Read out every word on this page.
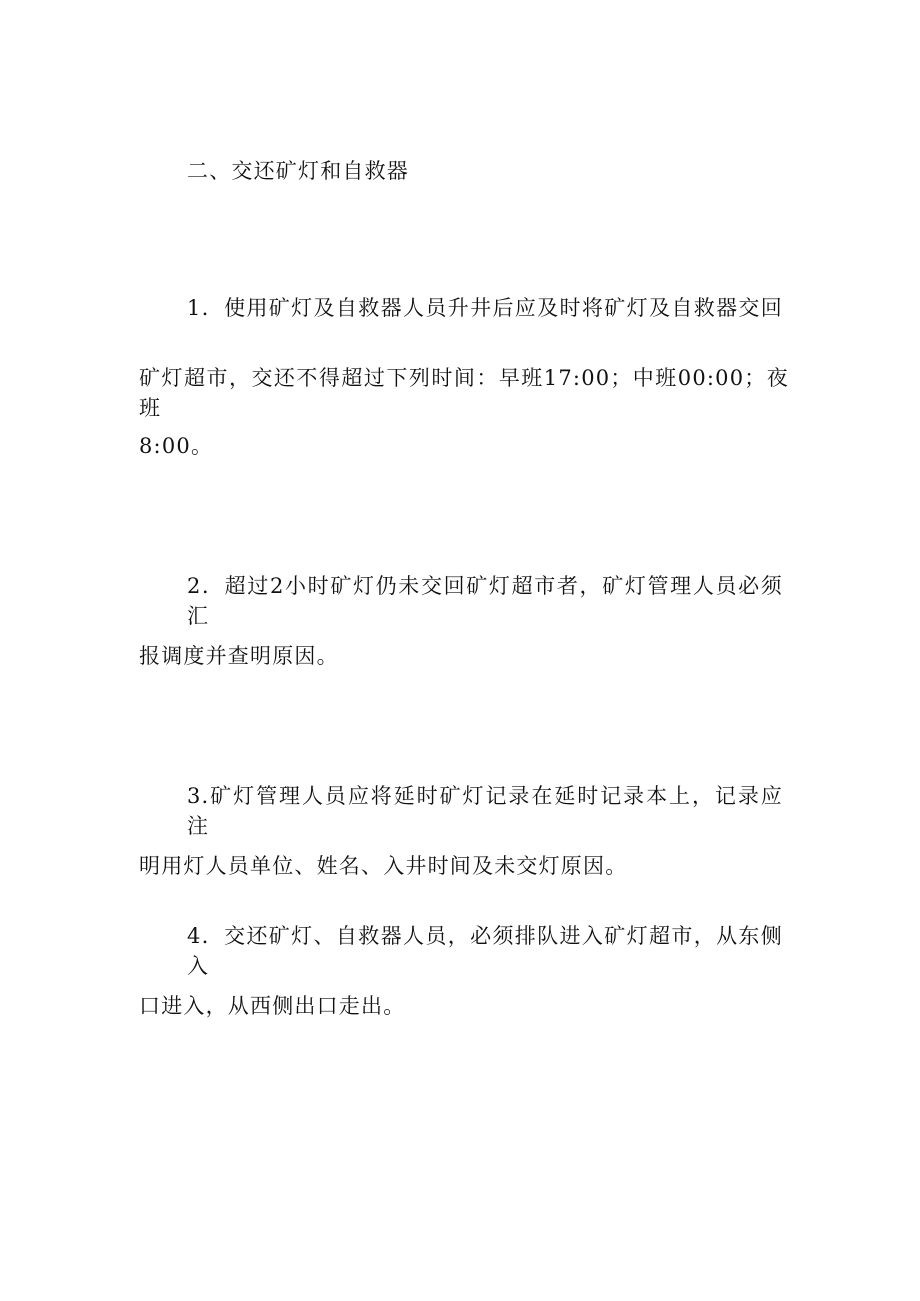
二、交还矿灯和自救器
1．使用矿灯及自救器人员升井后应及时将矿灯及自救器交回
矿灯超市，交还不得超过下列时间：早班17:00；中班00:00；夜班
8:00。
2．超过2小时矿灯仍未交回矿灯超市者，矿灯管理人员必须汇
报调度并查明原因。
3.矿灯管理人员应将延时矿灯记录在延时记录本上，记录应注
明用灯人员单位、姓名、入井时间及未交灯原因。
4．交还矿灯、自救器人员，必须排队进入矿灯超市，从东侧入
口进入，从西侧出口走出。
